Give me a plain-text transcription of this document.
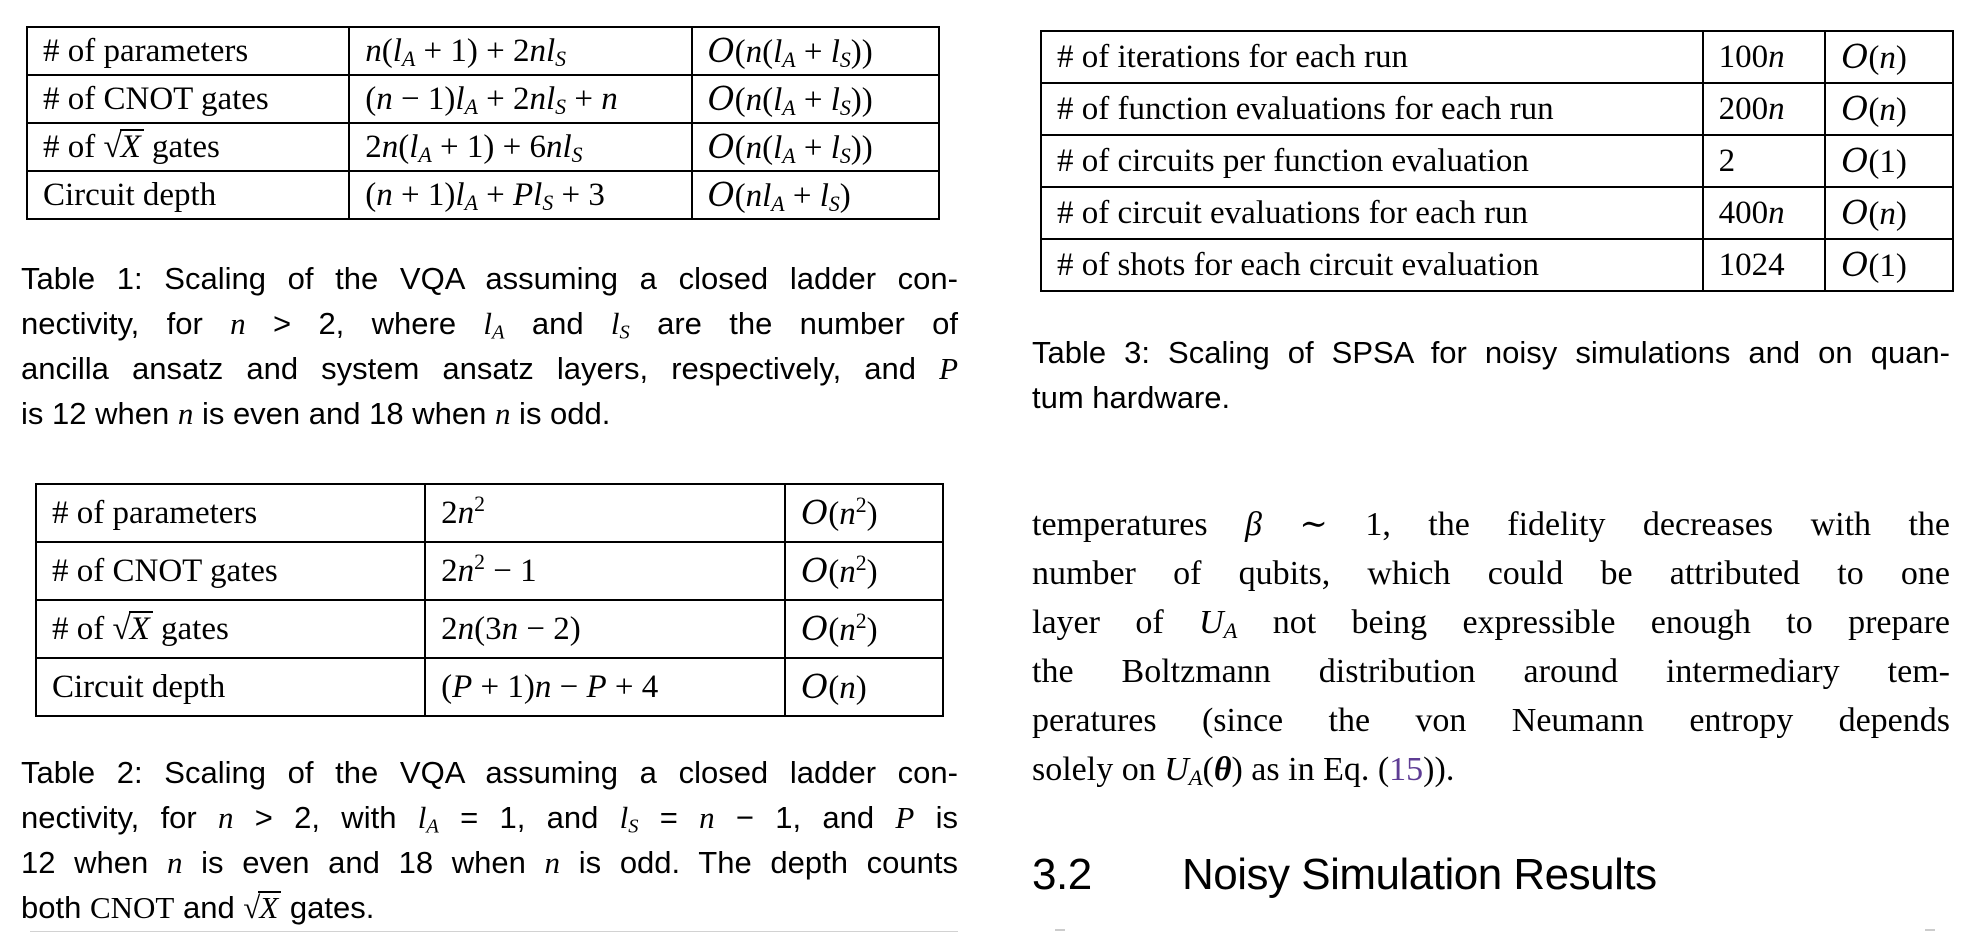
# of parameters	$n(l_A + 1) + 2nl_S$	$O(n(l_A + l_S))$
# of CNOT gates	$(n - 1)l_A + 2nl_S + n$	$O(n(l_A + l_S))$
# of √X gates	$2n(l_A + 1) + 6nl_S$	$O(n(l_A + l_S))$
Circuit depth	$(n + 1)l_A + Pl_S + 3$	$O(nl_A + l_S)$
Table 1: Scaling of the VQA assuming a closed ladder con-
nectivity, for n > 2, where $l_A$ and $l_S$ are the number of
ancilla ansatz and system ansatz layers, respectively, and P
is 12 when n is even and 18 when n is odd.
# of parameters	$2n^2$	$O(n^2)$
# of CNOT gates	$2n^2 - 1$	$O(n^2)$
# of √X gates	2n(3n − 2)	$O(n^2)$
Circuit depth	(P + 1)n − P + 4	O(n)
Table 2: Scaling of the VQA assuming a closed ladder con-
nectivity, for n > 2, with $l_A = 1$, and $l_S = n - 1$, and P is
12 when n is even and 18 when n is odd. The depth counts
both CNOT and √X gates.
# of iterations for each run	100n	O(n)
# of function evaluations for each run	200n	O(n)
# of circuits per function evaluation	2	O(1)
# of circuit evaluations for each run	400n	O(n)
# of shots for each circuit evaluation	1024	O(1)
Table 3: Scaling of SPSA for noisy simulations and on quan-
tum hardware.
temperatures β ∼ 1, the fidelity decreases with the
number of qubits, which could be attributed to one
layer of $U_A$ not being expressible enough to prepare
the Boltzmann distribution around intermediary tem-
peratures (since the von Neumann entropy depends
solely on $U_A(\theta)$ as in Eq. (15)).
3.2 Noisy Simulation Results
